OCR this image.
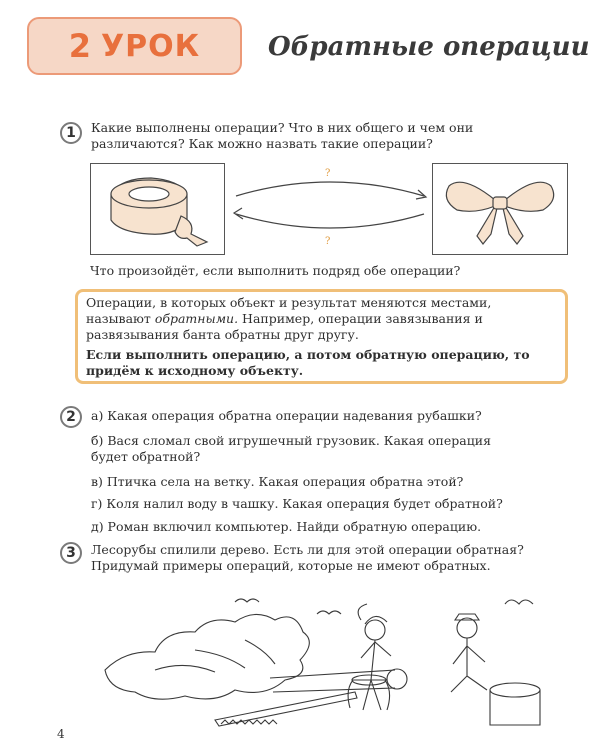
2 УРОК	Обратные операции
1	Какие выполнены операции? Что в них общего и чем они
различаются? Как можно назвать такие операции?
?
?
Что произойдёт, если выполнить подряд обе операции?
Операции, в которых объект и результат меняются местами,
называют обратными. Например, операции завязывания и
развязывания банта обратны друг другу.
Если выполнить операцию, а потом обратную операцию, то
придём к исходному объекту.
2	а) Какая операция обратна операции надевания рубашки?
б) Вася сломал свой игрушечный грузовик. Какая операция
будет обратной?
в) Птичка села на ветку. Какая операция обратна этой?
г) Коля налил воду в чашку. Какая операция будет обратной?
д) Роман включил компьютер. Найди обратную операцию.
3	Лесорубы спилили дерево. Есть ли для этой операции обратная?
Придумай примеры операций, которые не имеют обратных.
4
